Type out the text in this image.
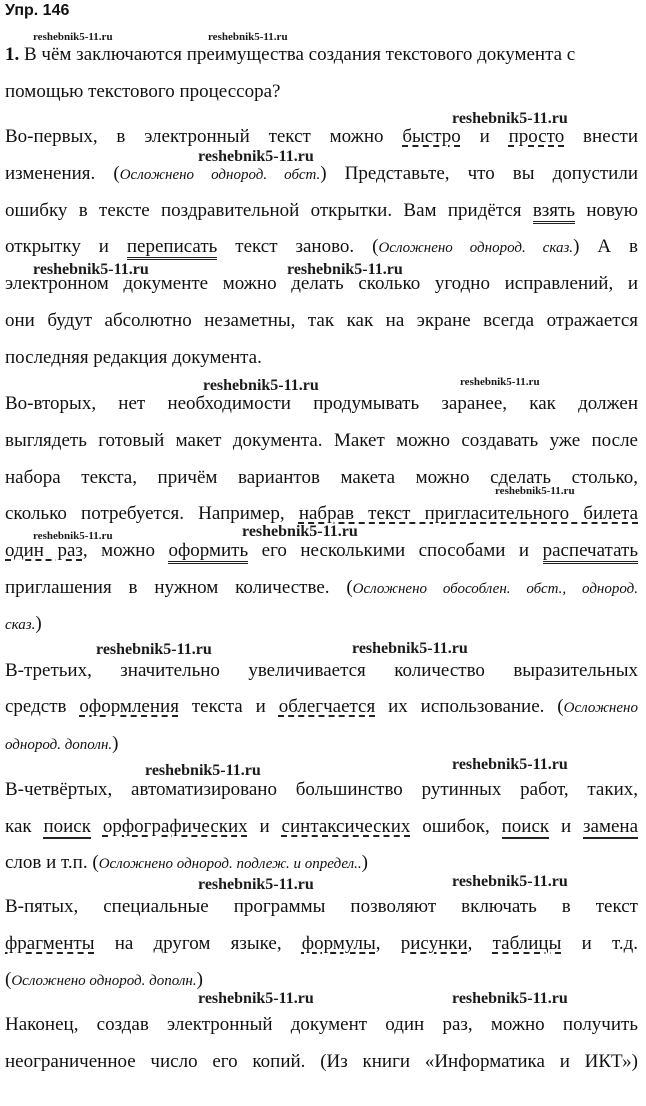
Упр. 146
reshebnik5-11.ru	reshebnik5-11.ru
reshebnik5-11.ru
reshebnik5-11.ru
reshebnik5-11.ru	reshebnik5-11.ru
reshebnik5-11.ru	reshebnik5-11.ru
reshebnik5-11.ru
reshebnik5-11.ru	reshebnik5-11.ru
reshebnik5-11.ru	reshebnik5-11.ru
reshebnik5-11.ru	reshebnik5-11.ru
reshebnik5-11.ru	reshebnik5-11.ru
reshebnik5-11.ru	reshebnik5-11.ru
1. В чём заключаются преимущества создания текстового документа с
помощью текстового процессора?
Во-первых, в электронный текст можно быстро и просто внести
изменения. (Осложнено однород. обст.) Представьте, что вы допустили
ошибку в тексте поздравительной открытки. Вам придётся взять новую
открытку и переписать текст заново. (Осложнено однород. сказ.) А в
электронном документе можно делать сколько угодно исправлений, и
они будут абсолютно незаметны, так как на экране всегда отражается
последняя редакция документа.
Во-вторых, нет необходимости продумывать заранее, как должен
выглядеть готовый макет документа. Макет можно создавать уже после
набора текста, причём вариантов макета можно сделать столько,
сколько потребуется. Например, набрав текст пригласительного билета
один раз, можно оформить его несколькими способами и распечатать
приглашения в нужном количестве. (Осложнено обособлен. обст., однород.
сказ.)
В-третьих, значительно увеличивается количество выразительных
средств оформления текста и облегчается их использование. (Осложнено
однород. дополн.)
В-четвёртых, автоматизировано большинство рутинных работ, таких,
как поиск орфографических и синтаксических ошибок, поиск и замена
слов и т.п. (Осложнено однород. подлеж. и определ..)
В-пятых, специальные программы позволяют включать в текст
фрагменты на другом языке, формулы, рисунки, таблицы и т.д.
(Осложнено однород. дополн.)
Наконец, создав электронный документ один раз, можно получить
неограниченное число его копий. (Из книги «Информатика и ИКТ»)
